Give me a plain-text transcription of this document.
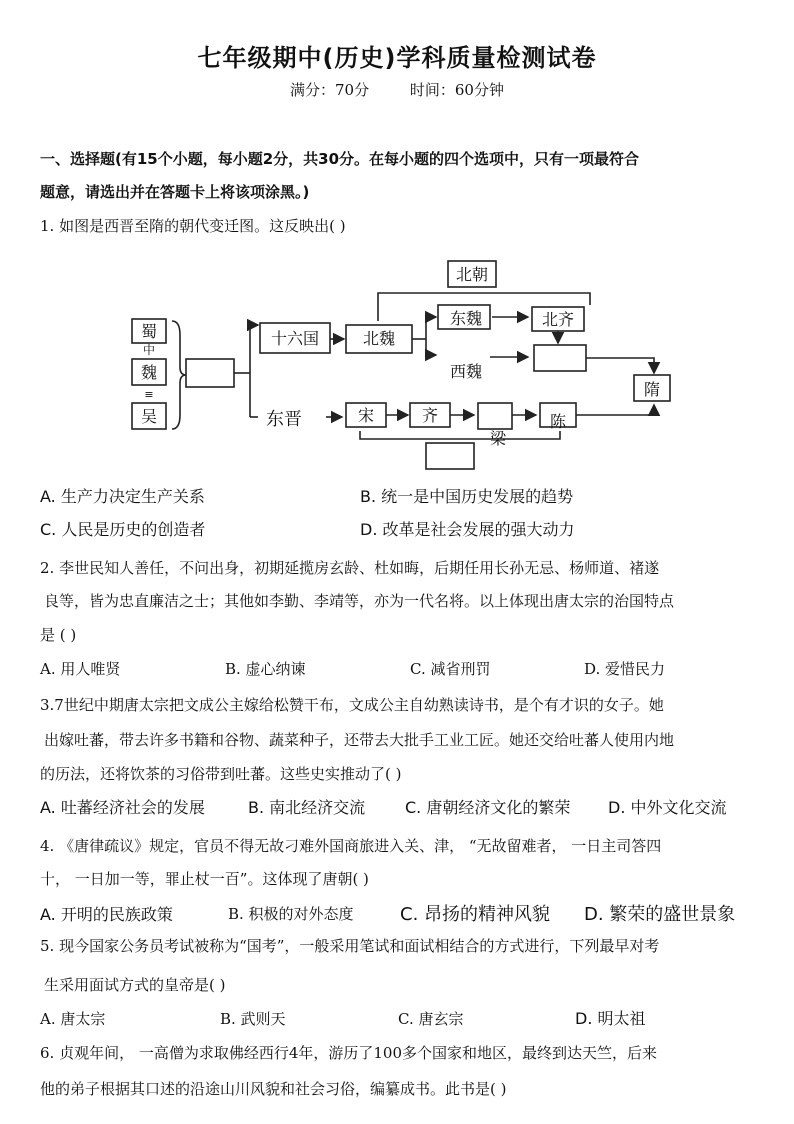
七年级期中(历史)学科质量检测试卷
满分：70分	时间：60分钟
一、选择题(有15个小题，每小题2分，共30分。在每小题的四个选项中，只有一项最符合
题意，请选出并在答题卡上将该项涂黑。)
1. 如图是西晋至隋的朝代变迁图。这反映出( )
蜀
中
魏
≡
吴
十六国	北魏
北朝
东魏	北齐
西魏
隋
东晋	宋	齐
梁
陈
A. 生产力决定生产关系	B. 统一是中国历史发展的趋势
C. 人民是历史的创造者	D. 改革是社会发展的强大动力
2. 李世民知人善任，不问出身，初期延揽房玄龄、杜如晦，后期任用长孙无忌、杨师道、褚遂
良等，皆为忠直廉洁之士；其他如李勤、李靖等，亦为一代名将。以上体现出唐太宗的治国特点
是 ( )
A. 用人唯贤	B. 虚心纳谏	C. 减省刑罚	D. 爱惜民力
3.7世纪中期唐太宗把文成公主嫁给松赞干布，文成公主自幼熟读诗书，是个有才识的女子。她
出嫁吐蕃，带去许多书籍和谷物、蔬菜种子，还带去大批手工业工匠。她还交给吐蕃人使用内地
的历法，还将饮茶的习俗带到吐蕃。这些史实推动了( )
A. 吐蕃经济社会的发展	B. 南北经济交流 C. 唐朝经济文化的繁荣 D. 中外文化交流
4. 《唐律疏议》规定，官员不得无故刁难外国商旅进入关、津， “无故留难者， 一日主司答四
十， 一日加一等，罪止杖一百”。这体现了唐朝( )
A. 开明的民族政策	B. 积极的对外态度	C. 昂扬的精神风貌 D. 繁荣的盛世景象
5. 现今国家公务员考试被称为“国考”，一般采用笔试和面试相结合的方式进行，下列最早对考
生采用面试方式的皇帝是( )
A. 唐太宗	B. 武则天	C. 唐玄宗	D. 明太祖
6. 贞观年间， 一高僧为求取佛经西行4年，游历了100多个国家和地区，最终到达天竺，后来
他的弟子根据其口述的沿途山川风貌和社会习俗，编纂成书。此书是( )
